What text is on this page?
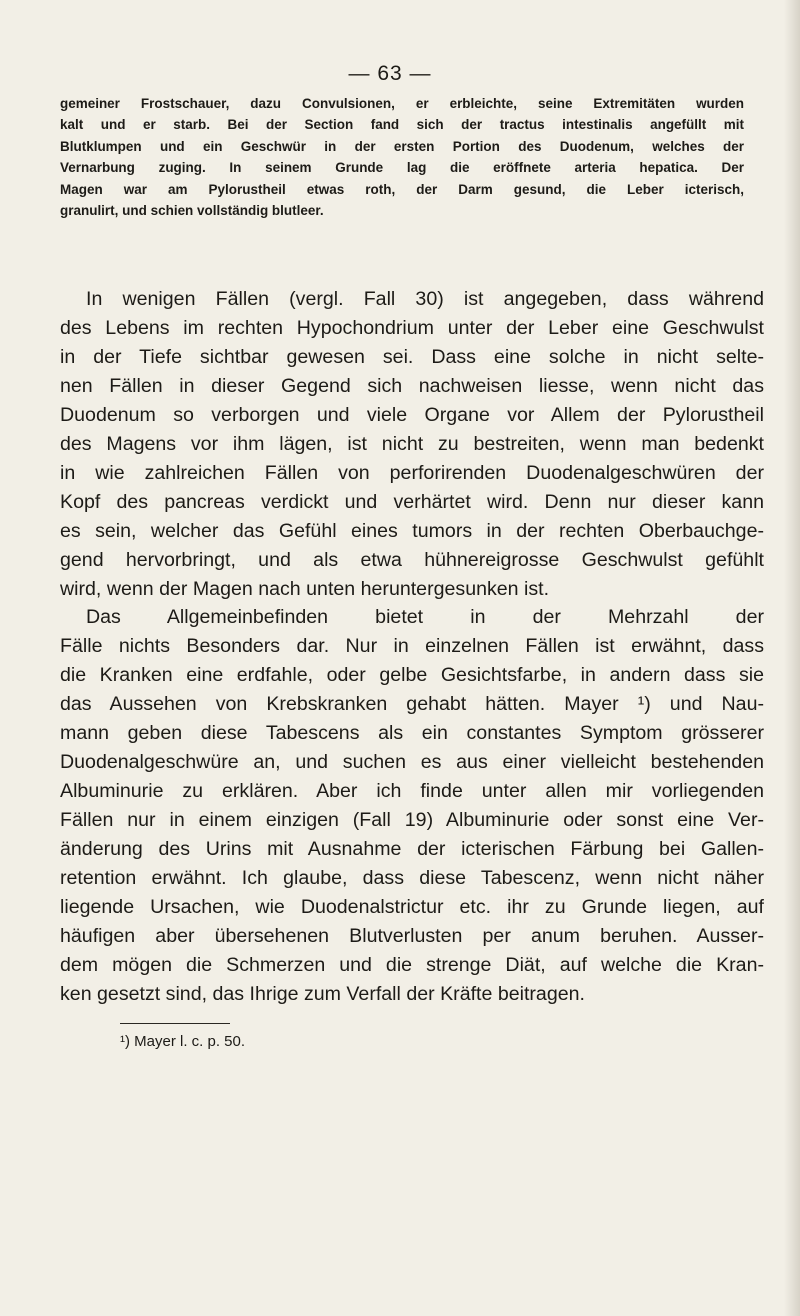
— 63 —
gemeiner Frostschauer, dazu Convulsionen, er erbleichte, seine Extremitäten wurden
kalt und er starb. Bei der Section fand sich der tractus intestinalis angefüllt mit
Blutklumpen und ein Geschwür in der ersten Portion des Duodenum, welches der
Vernarbung zuging. In seinem Grunde lag die eröffnete arteria hepatica. Der
Magen war am Pylorustheil etwas roth, der Darm gesund, die Leber icterisch,
granulirt, und schien vollständig blutleer.
In wenigen Fällen (vergl. Fall 30) ist angegeben, dass während
des Lebens im rechten Hypochondrium unter der Leber eine Geschwulst
in der Tiefe sichtbar gewesen sei. Dass eine solche in nicht selte-
nen Fällen in dieser Gegend sich nachweisen liesse, wenn nicht das
Duodenum so verborgen und viele Organe vor Allem der Pylorustheil
des Magens vor ihm lägen, ist nicht zu bestreiten, wenn man bedenkt
in wie zahlreichen Fällen von perforirenden Duodenalgeschwüren der
Kopf des pancreas verdickt und verhärtet wird. Denn nur dieser kann
es sein, welcher das Gefühl eines tumors in der rechten Oberbauchge-
gend hervorbringt, und als etwa hühnereigrosse Geschwulst gefühlt
wird, wenn der Magen nach unten heruntergesunken ist.
Das Allgemeinbefinden bietet in der Mehrzahl der
Fälle nichts Besonders dar. Nur in einzelnen Fällen ist erwähnt, dass
die Kranken eine erdfahle, oder gelbe Gesichtsfarbe, in andern dass sie
das Aussehen von Krebskranken gehabt hätten. Mayer ¹) und Nau-
mann geben diese Tabescens als ein constantes Symptom grösserer
Duodenalgeschwüre an, und suchen es aus einer vielleicht bestehenden
Albuminurie zu erklären. Aber ich finde unter allen mir vorliegenden
Fällen nur in einem einzigen (Fall 19) Albuminurie oder sonst eine Ver-
änderung des Urins mit Ausnahme der icterischen Färbung bei Gallen-
retention erwähnt. Ich glaube, dass diese Tabescenz, wenn nicht näher
liegende Ursachen, wie Duodenalstrictur etc. ihr zu Grunde liegen, auf
häufigen aber übersehenen Blutverlusten per anum beruhen. Ausser-
dem mögen die Schmerzen und die strenge Diät, auf welche die Kran-
ken gesetzt sind, das Ihrige zum Verfall der Kräfte beitragen.
¹) Mayer l. c. p. 50.
